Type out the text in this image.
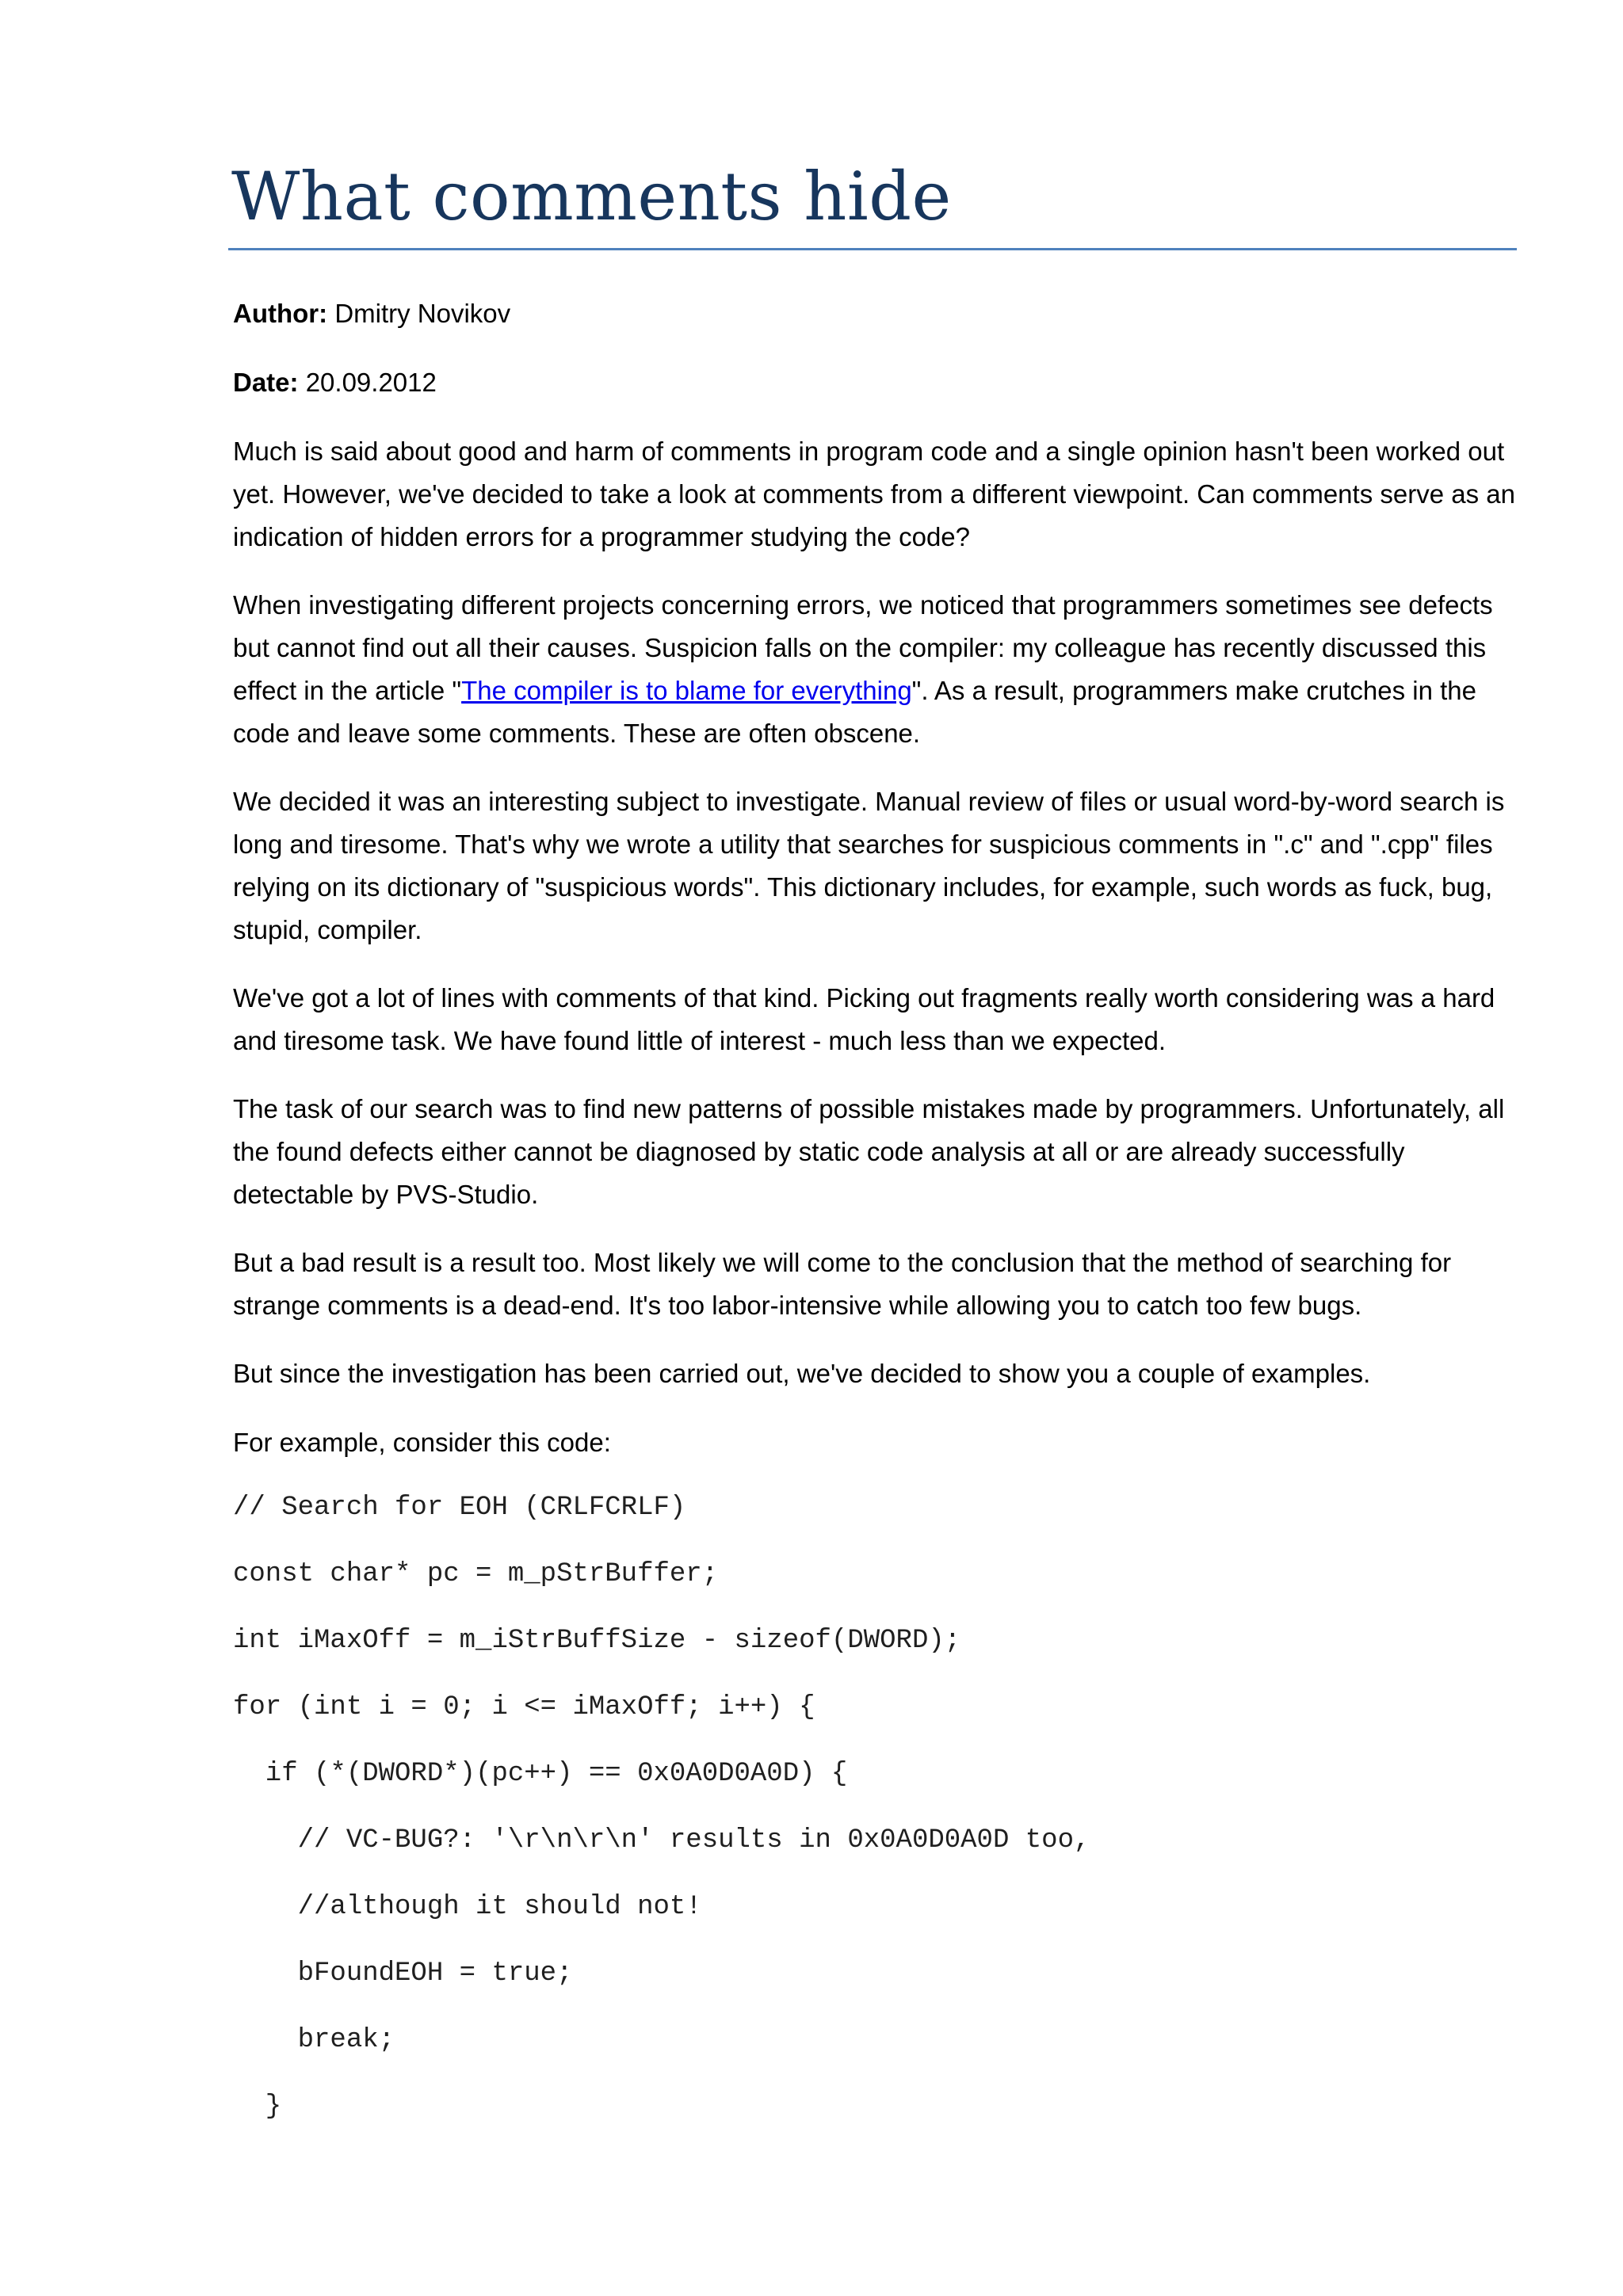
What comments hide

Author: Dmitry Novikov

Date: 20.09.2012

Much is said about good and harm of comments in program code and a single opinion hasn't been worked out yet. However, we've decided to take a look at comments from a different viewpoint. Can comments serve as an indication of hidden errors for a programmer studying the code?

When investigating different projects concerning errors, we noticed that programmers sometimes see defects but cannot find out all their causes. Suspicion falls on the compiler: my colleague has recently discussed this effect in the article "The compiler is to blame for everything". As a result, programmers make crutches in the code and leave some comments. These are often obscene.

We decided it was an interesting subject to investigate. Manual review of files or usual word-by-word search is long and tiresome. That's why we wrote a utility that searches for suspicious comments in ".c" and ".cpp" files relying on its dictionary of "suspicious words". This dictionary includes, for example, such words as fuck, bug, stupid, compiler.

We've got a lot of lines with comments of that kind. Picking out fragments really worth considering was a hard and tiresome task. We have found little of interest - much less than we expected.

The task of our search was to find new patterns of possible mistakes made by programmers. Unfortunately, all the found defects either cannot be diagnosed by static code analysis at all or are already successfully detectable by PVS-Studio.

But a bad result is a result too. Most likely we will come to the conclusion that the method of searching for strange comments is a dead-end. It's too labor-intensive while allowing you to catch too few bugs.

But since the investigation has been carried out, we've decided to show you a couple of examples.

For example, consider this code:

// Search for EOH (CRLFCRLF)
const char* pc = m_pStrBuffer;
int iMaxOff = m_iStrBuffSize - sizeof(DWORD);
for (int i = 0; i <= iMaxOff; i++) {
if (*(DWORD*)(pc++) == 0x0A0D0A0D) {
// VC-BUG?: '\r\n\r\n' results in 0x0A0D0A0D too,
//although it should not!
bFoundEOH = true;
break;
}
